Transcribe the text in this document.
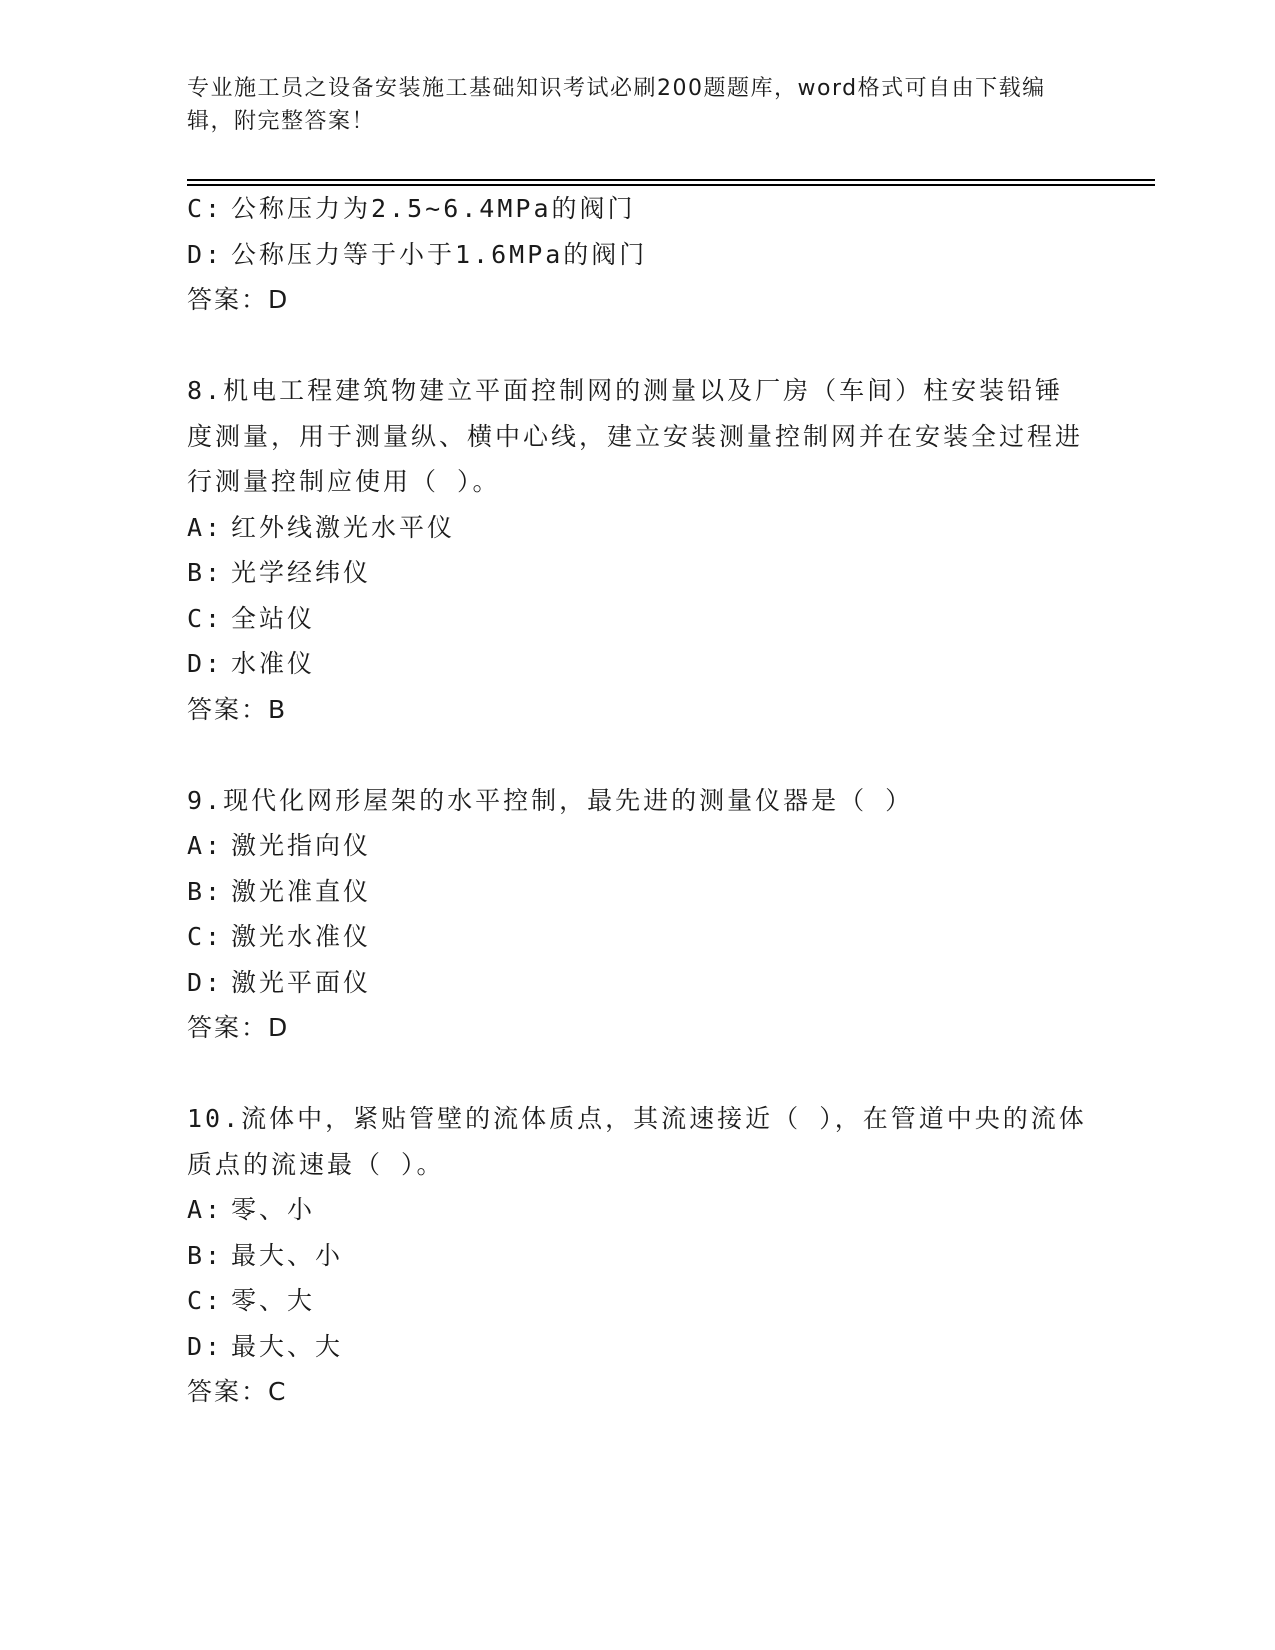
专业施工员之设备安装施工基础知识考试必刷200题题库，word格式可自由下载编辑，附完整答案！
C: 公称压力为2.5~6.4MPa的阀门
D: 公称压力等于小于1.6MPa的阀门
答案：D
8.机电工程建筑物建立平面控制网的测量以及厂房（车间）柱安装铅锤度测量，用于测量纵、横中心线，建立安装测量控制网并在安装全过程进行测量控制应使用（ ）。
A: 红外线激光水平仪
B: 光学经纬仪
C: 全站仪
D: 水准仪
答案：B
9.现代化网形屋架的水平控制，最先进的测量仪器是（ ）
A: 激光指向仪
B: 激光准直仪
C: 激光水准仪
D: 激光平面仪
答案：D
10.流体中，紧贴管壁的流体质点，其流速接近（ ），在管道中央的流体质点的流速最（ ）。
A: 零、小
B: 最大、小
C: 零、大
D: 最大、大
答案：C
